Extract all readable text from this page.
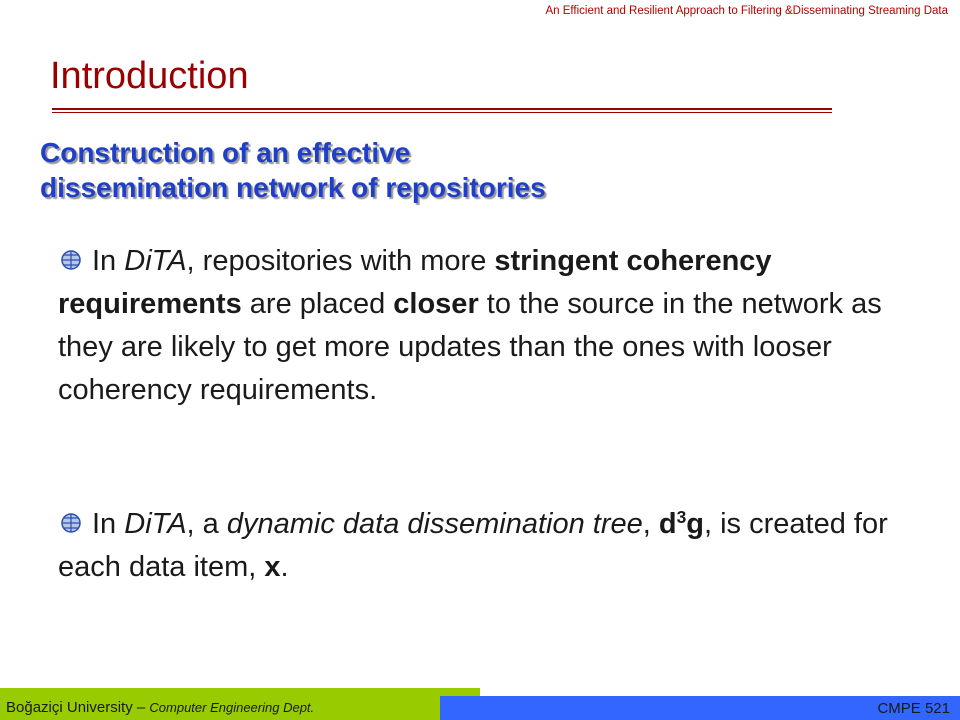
An Efficient and Resilient Approach to Filtering &Disseminating Streaming Data
Introduction
Construction of an effective
dissemination network of repositories

In DiTA, repositories with more stringent coherency requirements are placed closer to the source in the network as they are likely to get more updates than the ones with looser coherency requirements.

In DiTA, a dynamic data dissemination tree, $d^3g$, is created for each data item, x.

Boğaziçi University – Computer Engineering Dept.	CMPE 521
